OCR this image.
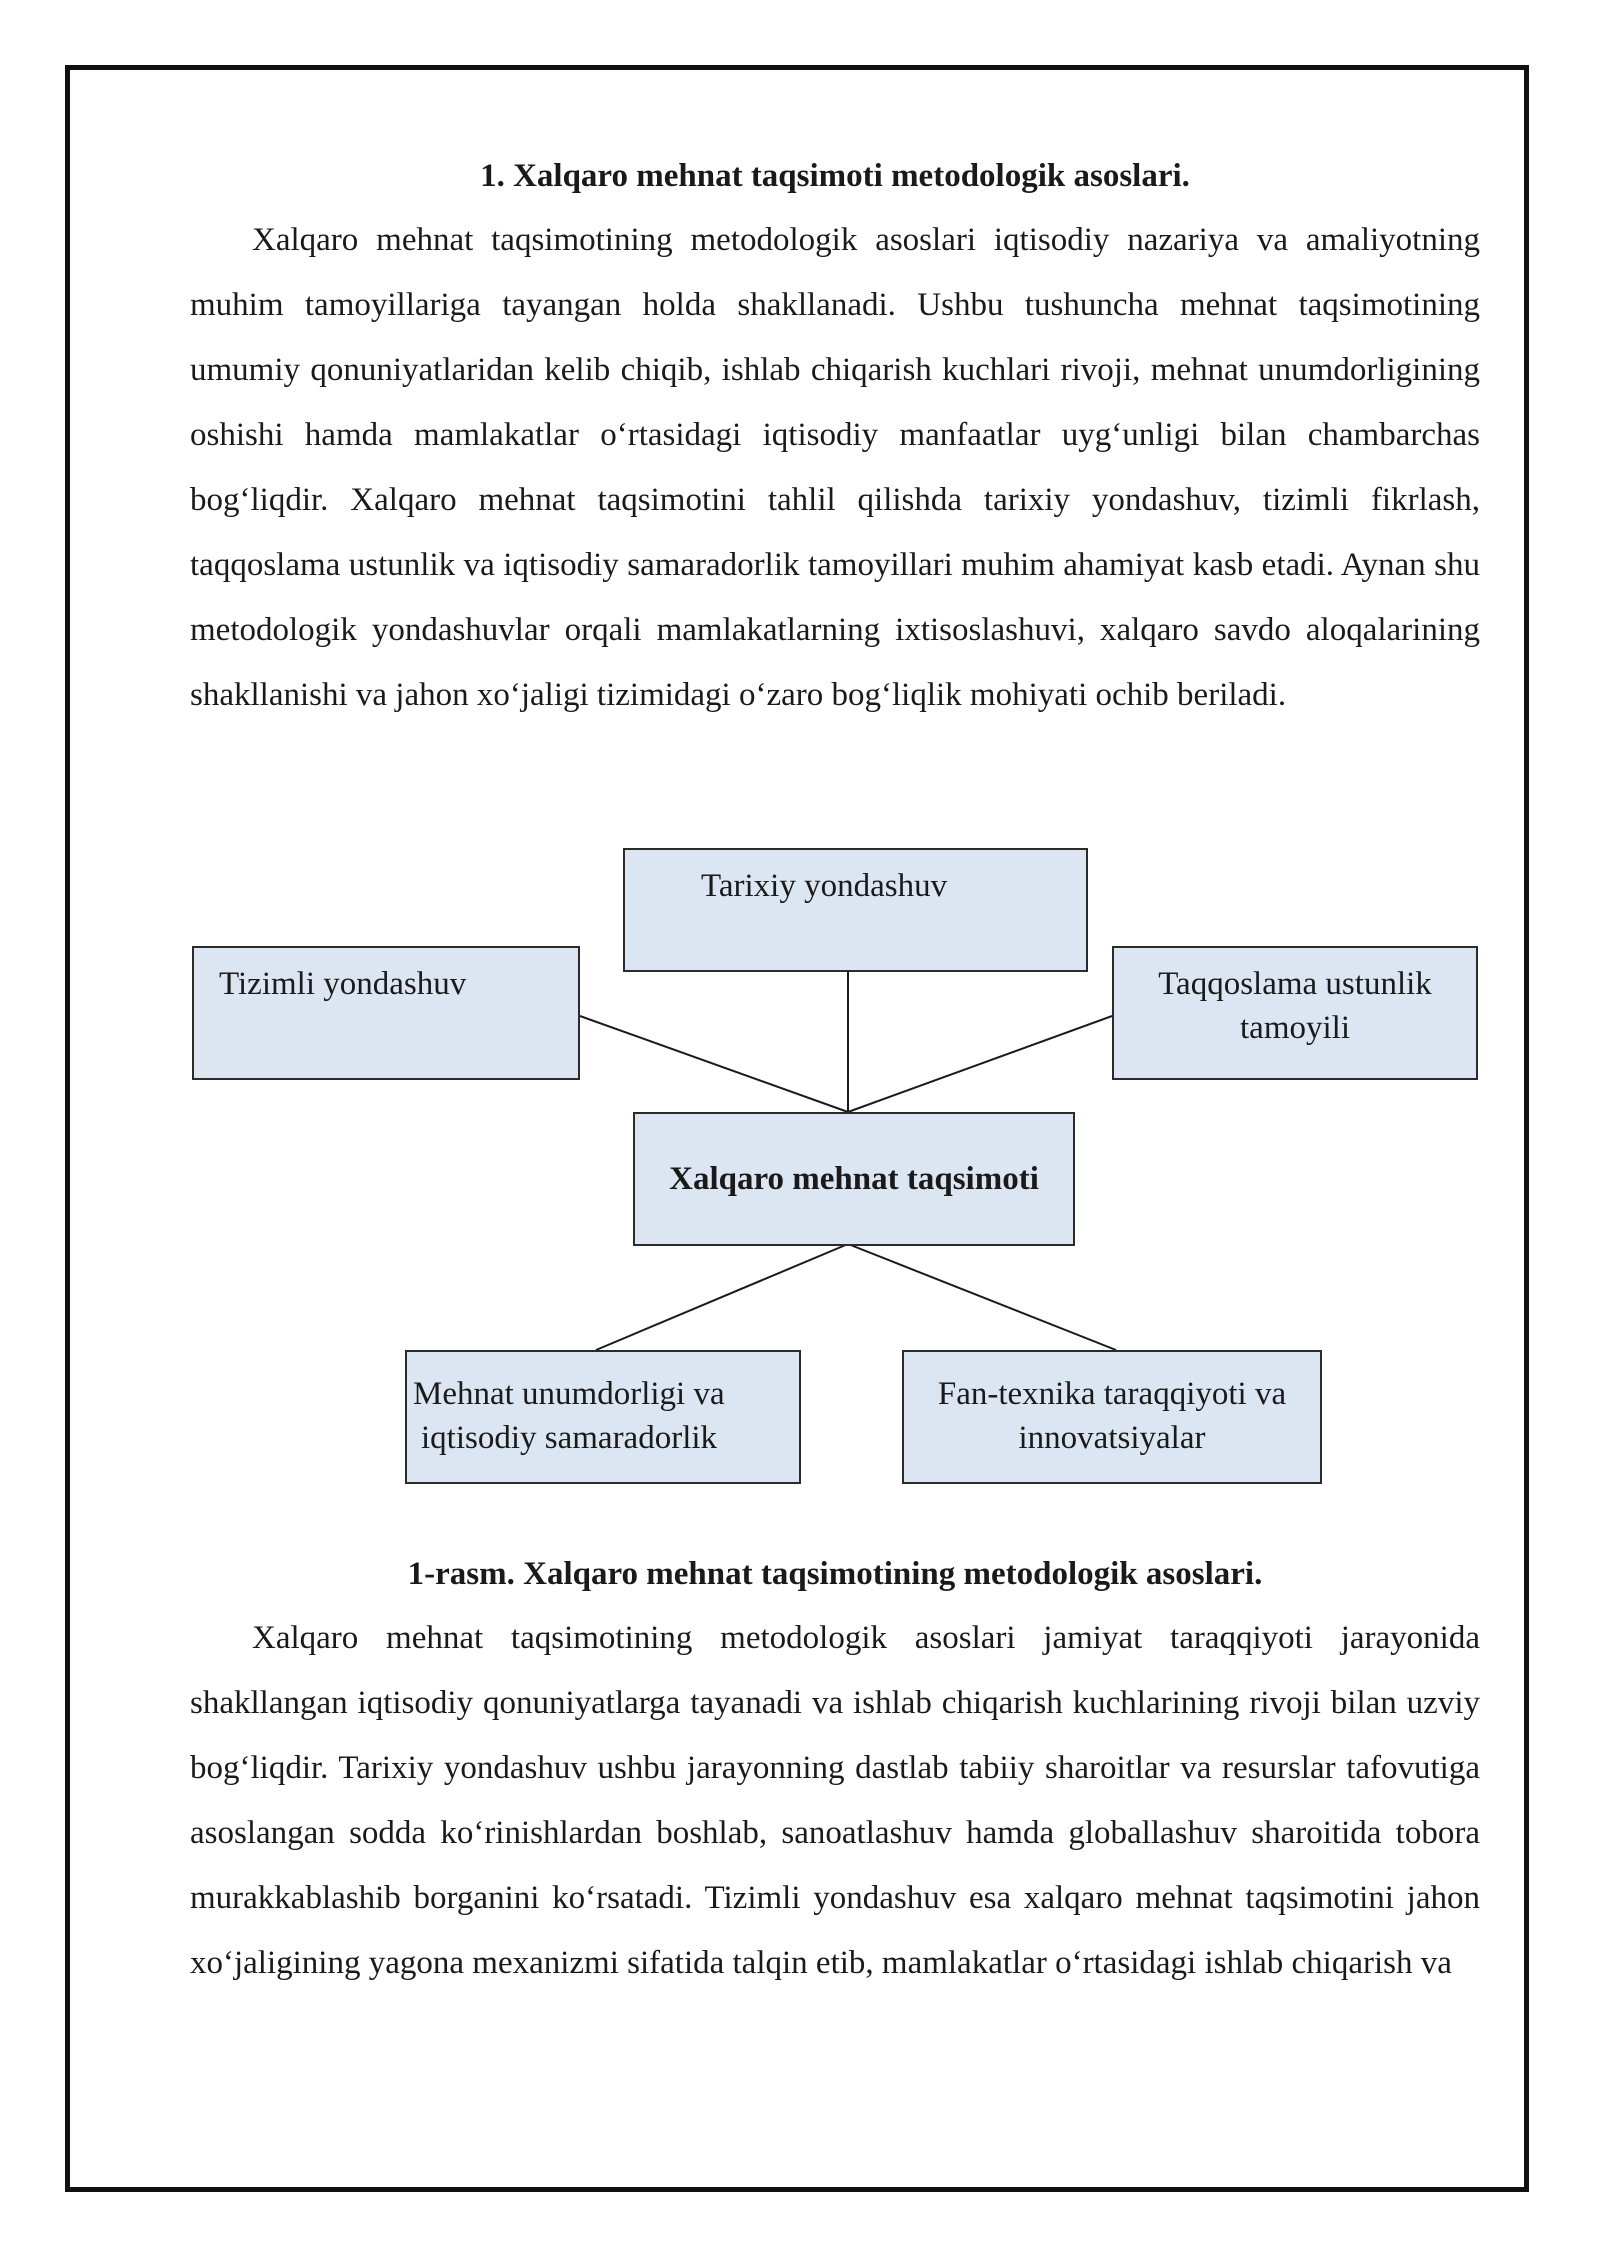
1. Xalqaro mehnat taqsimoti metodologik asoslari.

Xalqaro mehnat taqsimotining metodologik asoslari iqtisodiy nazariya va amaliyotning muhim tamoyillariga tayangan holda shakllanadi. Ushbu tushuncha mehnat taqsimotining umumiy qonuniyatlaridan kelib chiqib, ishlab chiqarish kuchlari rivoji, mehnat unumdorligining oshishi hamda mamlakatlar o‘rtasidagi iqtisodiy manfaatlar uyg‘unligi bilan chambarchas bog‘liqdir. Xalqaro mehnat taqsimotini tahlil qilishda tarixiy yondashuv, tizimli fikrlash, taqqoslama ustunlik va iqtisodiy samaradorlik tamoyillari muhim ahamiyat kasb etadi. Aynan shu metodologik yondashuvlar orqali mamlakatlarning ixtisoslashuvi, xalqaro savdo aloqalarining shakllanishi va jahon xo‘jaligi tizimidagi o‘zaro bog‘liqlik mohiyati ochib beriladi.

Tarixiy yondashuv
Tizimli yondashuv	Taqqoslama ustunlik
tamoyili
Xalqaro mehnat taqsimoti
Mehnat unumdorligi va
iqtisodiy samaradorlik
Fan-texnika taraqqiyoti va
innovatsiyalar
1-rasm. Xalqaro mehnat taqsimotining metodologik asoslari.

Xalqaro mehnat taqsimotining metodologik asoslari jamiyat taraqqiyoti jarayonida shakllangan iqtisodiy qonuniyatlarga tayanadi va ishlab chiqarish kuchlarining rivoji bilan uzviy bog‘liqdir. Tarixiy yondashuv ushbu jarayonning dastlab tabiiy sharoitlar va resurslar tafovutiga asoslangan sodda ko‘rinishlardan boshlab, sanoatlashuv hamda globallashuv sharoitida tobora murakkablashib borganini ko‘rsatadi. Tizimli yondashuv esa xalqaro mehnat taqsimotini jahon xo‘jaligining yagona mexanizmi sifatida talqin etib, mamlakatlar o‘rtasidagi ishlab chiqarish va
